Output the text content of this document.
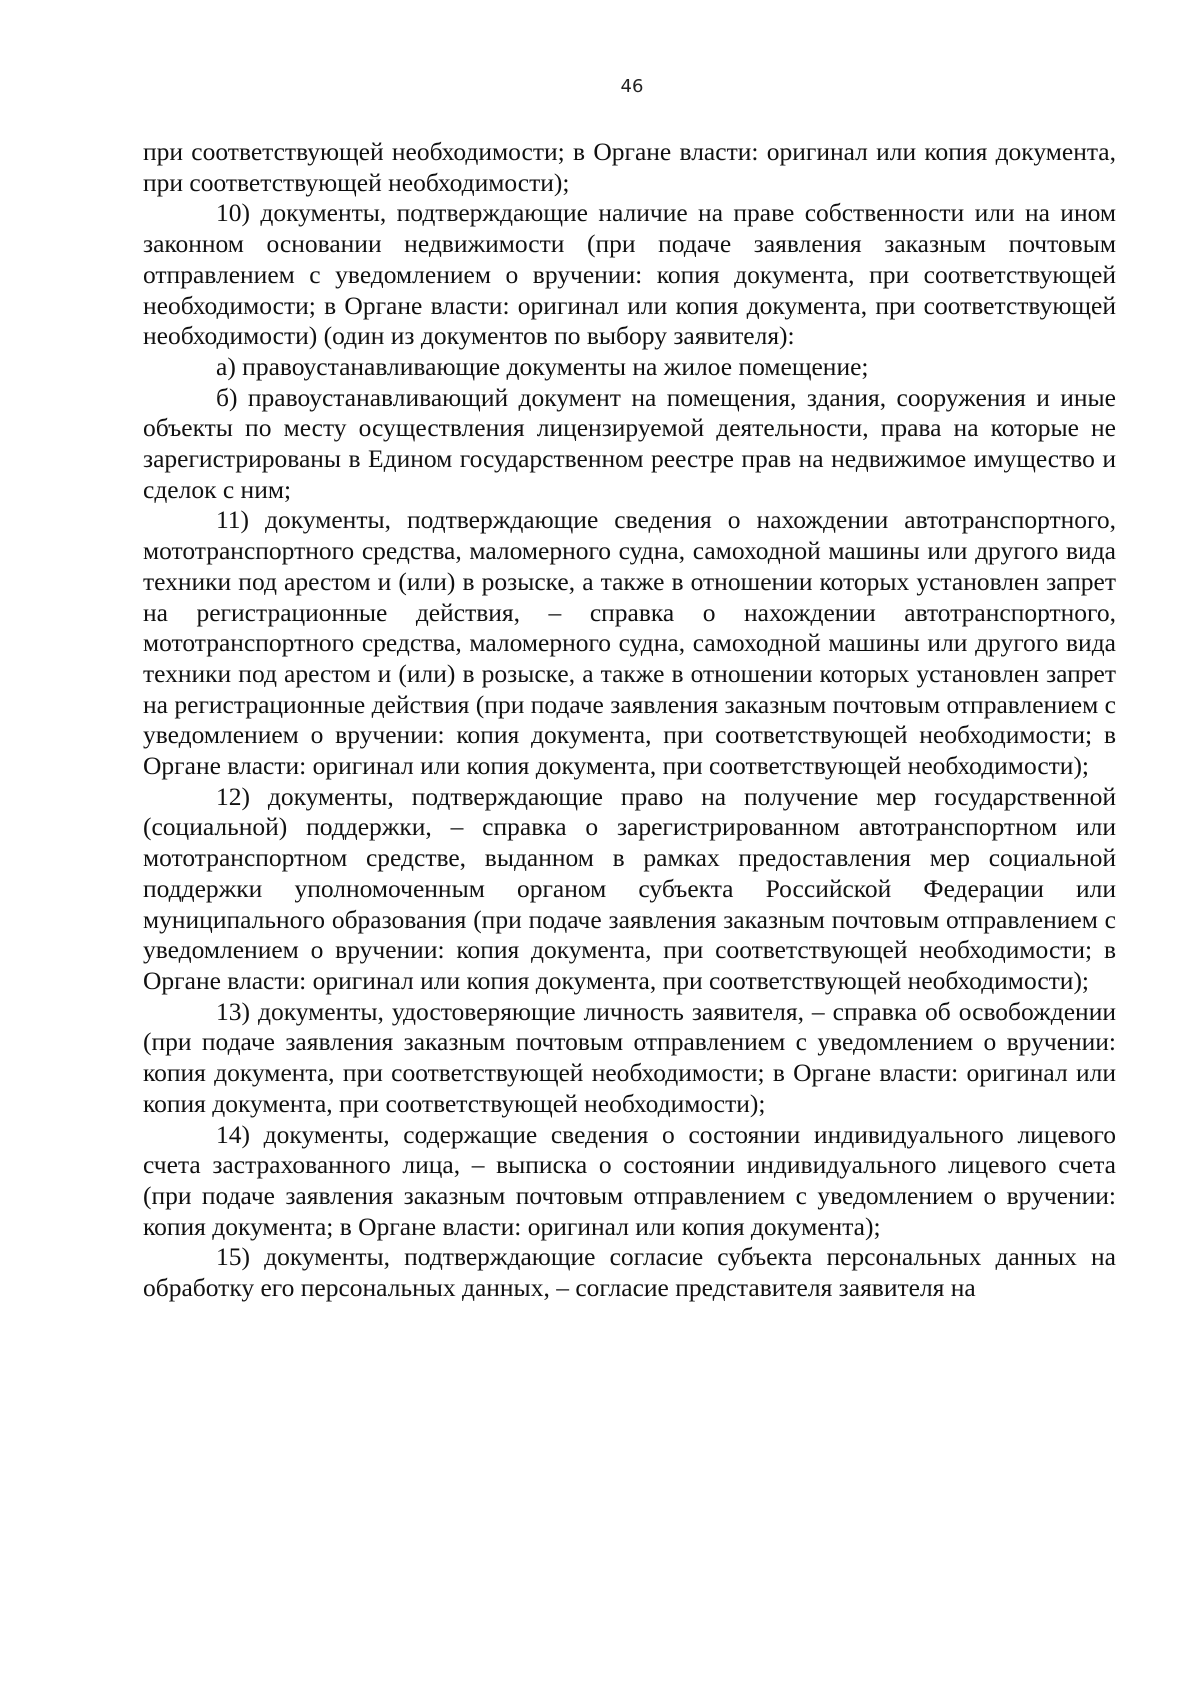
46

при соответствующей необходимости; в Органе власти: оригинал или копия документа, при соответствующей необходимости);

10) документы, подтверждающие наличие на праве собственности или на ином законном основании недвижимости (при подаче заявления заказным почтовым отправлением с уведомлением о вручении: копия документа, при соответствующей необходимости; в Органе власти: оригинал или копия документа, при соответствующей необходимости) (один из документов по выбору заявителя):

а) правоустанавливающие документы на жилое помещение;

б) правоустанавливающий документ на помещения, здания, сооружения и иные объекты по месту осуществления лицензируемой деятельности, права на которые не зарегистрированы в Едином государственном реестре прав на недвижимое имущество и сделок с ним;

11) документы, подтверждающие сведения о нахождении автотранспортного, мототранспортного средства, маломерного судна, самоходной машины или другого вида техники под арестом и (или) в розыске, а также в отношении которых установлен запрет на регистрационные действия, – справка о нахождении автотранспортного, мототранспортного средства, маломерного судна, самоходной машины или другого вида техники под арестом и (или) в розыске, а также в отношении которых установлен запрет на регистрационные действия (при подаче заявления заказным почтовым отправлением с уведомлением о вручении: копия документа, при соответствующей необходимости; в Органе власти: оригинал или копия документа, при соответствующей необходимости);

12) документы, подтверждающие право на получение мер государственной (социальной) поддержки, – справка о зарегистрированном автотранспортном или мототранспортном средстве, выданном в рамках предоставления мер социальной поддержки уполномоченным органом субъекта Российской Федерации или муниципального образования (при подаче заявления заказным почтовым отправлением с уведомлением о вручении: копия документа, при соответствующей необходимости; в Органе власти: оригинал или копия документа, при соответствующей необходимости);

13) документы, удостоверяющие личность заявителя, – справка об освобождении (при подаче заявления заказным почтовым отправлением с уведомлением о вручении: копия документа, при соответствующей необходимости; в Органе власти: оригинал или копия документа, при соответствующей необходимости);

14) документы, содержащие сведения о состоянии индивидуального лицевого счета застрахованного лица, – выписка о состоянии индивидуального лицевого счета (при подаче заявления заказным почтовым отправлением с уведомлением о вручении: копия документа; в Органе власти: оригинал или копия документа);

15) документы, подтверждающие согласие субъекта персональных данных на обработку его персональных данных, – согласие представителя заявителя на
